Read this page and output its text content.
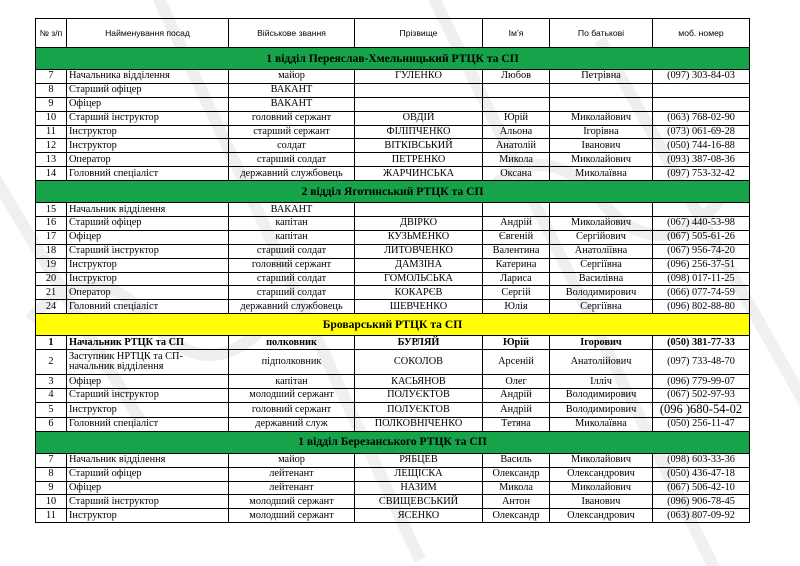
№ з/п	Найменування посад	Військове звання	Прізвище	Ім’я	По батькові	моб. номер
1 відділ Переяслав-Хмельницький РТЦК та СП						
7	Начальника відділення	майор	ГУЛЕНКО	Любов	Петрівна	(097) 303-84-03
8	Старший офіцер	ВАКАНТ				
9	Офіцер	ВАКАНТ				
10	Старший інструктор	головний сержант	ОВДІЙ	Юрій	Миколайович	(063) 768-02-90
11	Інструктор	старший сержант	ФІЛІПЧЕНКО	Альона	Ігорівна	(073) 061-69-28
12	Інструктор	солдат	ВІТКІВСЬКИЙ	Анатолій	Іванович	(050) 744-16-88
13	Оператор	старший солдат	ПЕТРЕНКО	Микола	Миколайович	(093) 387-08-36
14	Головний спеціаліст	державний службовець	ЖАРЧИНСЬКА	Оксана	Миколаївна	(097) 753-32-42
2 відділ Яготинський РТЦК та СП						
15	Начальник відділення	ВАКАНТ				
16	Старший офіцер	капітан	ДВІРКО	Андрій	Миколайович	(067) 440-53-98
17	Офіцер	капітан	КУЗЬМЕНКО	Євгеній	Сергійович	(067) 505-61-26
18	Старший інструктор	старший солдат	ЛИТОВЧЕНКО	Валентина	Анатоліївна	(067) 956-74-20
19	Інструктор	головний сержант	ДАМЗІНА	Катерина	Сергіївна	(096) 256-37-51
20	Інструктор	старший солдат	ГОМОЛЬСЬКА	Лариса	Василівна	(098) 017-11-25
21	Оператор	старший солдат	КОКАРЄВ	Сергій	Володимирович	(066) 077-74-59
24	Головний спеціаліст	державний службовець	ШЕВЧЕНКО	Юлія	Сергіївна	(096) 802-88-80
Броварський РТЦК та СП						
1	Начальник РТЦК та СП	полковник	БУРЛЯЙ	Юрій	Ігорович	(050) 381-77-33
2	Заступник НРТЦК та СП-начальник відділення	підполковник	СОКОЛОВ	Арсеній	Анатолійович	(097) 733-48-70
3	Офіцер	капітан	КАСЬЯНОВ	Олег	Ілліч	(096) 779-99-07
4	Старший інструктор	молодший сержант	ПОЛУЄКТОВ	Андрій	Володимирович	(067) 502-97-93
5	Інструктор	головний сержант	ПОЛУЄКТОВ	Андрій	Володимирович	(096 )680-54-02
6	Головний спеціаліст	державний служ	ПОЛКОВНІЧЕНКО	Тетяна	Миколаївна	(050) 256-11-47
1 відділ Березанського РТЦК та СП						
7	Начальник відділення	майор	РЯБЦЕВ	Василь	Миколайович	(098) 603-33-36
8	Старший офіцер	лейтенант	ЛЕЩІСКА	Олександр	Олександрович	(050) 436-47-18
9	Офіцер	лейтенант	НАЗИМ	Микола	Миколайович	(067) 506-42-10
10	Старший інструктор	молодший сержант	СВИЩЕВСЬКИЙ	Антон	Іванович	(096) 906-78-45
11	Інструктор	молодший сержант	ЯСЕНКО	Олександр	Олександрович	(063) 807-09-92
